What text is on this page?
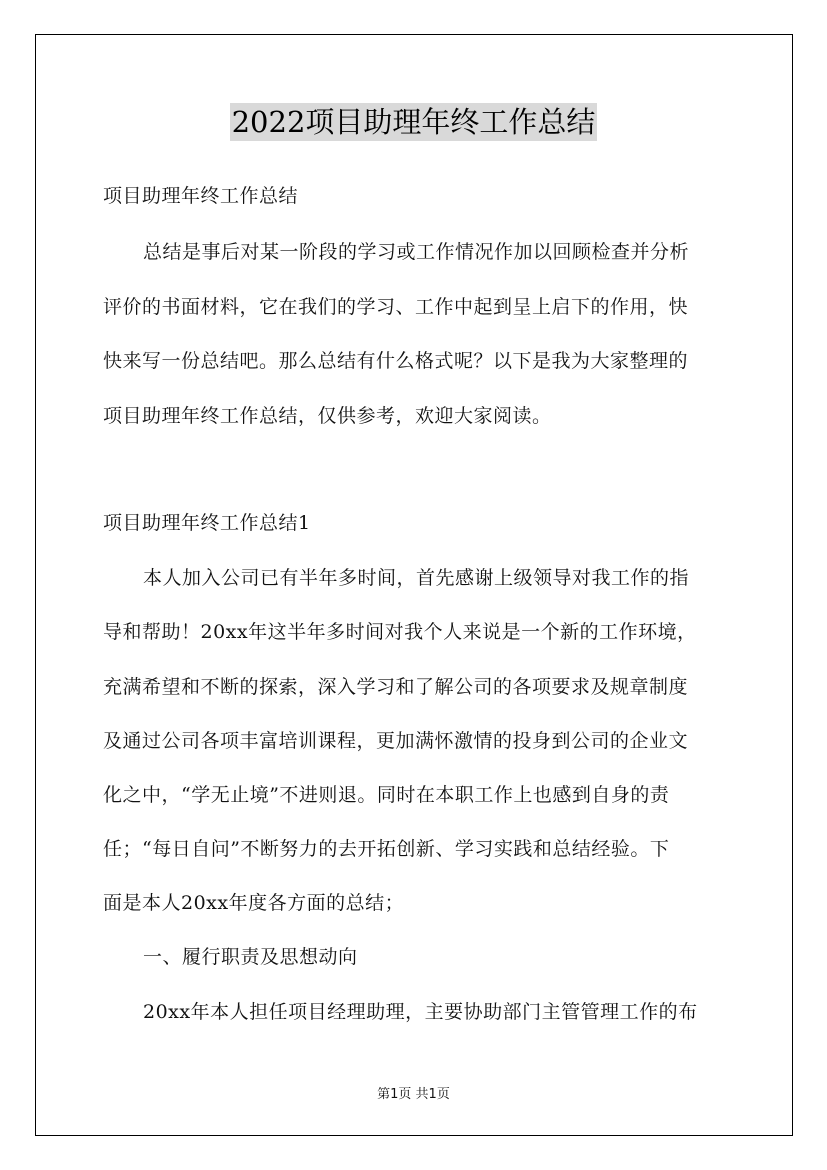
2022项目助理年终工作总结
项目助理年终工作总结
总结是事后对某一阶段的学习或工作情况作加以回顾检查并分析
评价的书面材料，它在我们的学习、工作中起到呈上启下的作用，快
快来写一份总结吧。那么总结有什么格式呢？以下是我为大家整理的
项目助理年终工作总结，仅供参考，欢迎大家阅读。
项目助理年终工作总结1
本人加入公司已有半年多时间，首先感谢上级领导对我工作的指
导和帮助！20xx年这半年多时间对我个人来说是一个新的工作环境，
充满希望和不断的探索，深入学习和了解公司的各项要求及规章制度
及通过公司各项丰富培训课程，更加满怀激情的投身到公司的企业文
化之中，“学无止境”不进则退。同时在本职工作上也感到自身的责
任；“每日自问”不断努力的去开拓创新、学习实践和总结经验。下
面是本人20xx年度各方面的总结；
一、履行职责及思想动向
20xx年本人担任项目经理助理，主要协助部门主管管理工作的布
第1页 共1页
